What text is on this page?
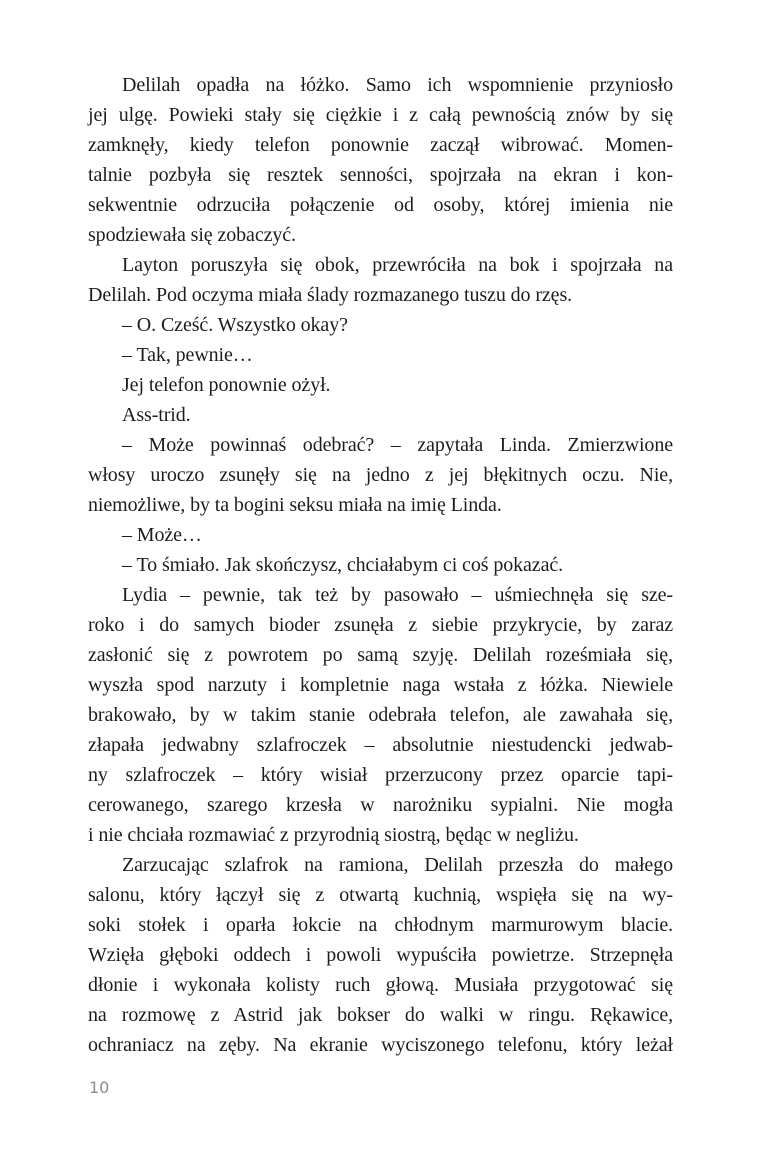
Delilah opadła na łóżko. Samo ich wspomnienie przyniosło
jej ulgę. Powieki stały się ciężkie i z całą pewnością znów by się
zamknęły, kiedy telefon ponownie zaczął wibrować. Momen-
talnie pozbyła się resztek senności, spojrzała na ekran i kon-
sekwentnie odrzuciła połączenie od osoby, której imienia nie
spodziewała się zobaczyć.
Layton poruszyła się obok, przewróciła na bok i spojrzała na
Delilah. Pod oczyma miała ślady rozmazanego tuszu do rzęs.
– O. Cześć. Wszystko okay?
– Tak, pewnie…
Jej telefon ponownie ożył.
Ass-trid.
– Może powinnaś odebrać? – zapytała Linda. Zmierzwione
włosy uroczo zsunęły się na jedno z jej błękitnych oczu. Nie,
niemożliwe, by ta bogini seksu miała na imię Linda.
– Może…
– To śmiało. Jak skończysz, chciałabym ci coś pokazać.
Lydia – pewnie, tak też by pasowało – uśmiechnęła się sze-
roko i do samych bioder zsunęła z siebie przykrycie, by zaraz
zasłonić się z powrotem po samą szyję. Delilah roześmiała się,
wyszła spod narzuty i kompletnie naga wstała z łóżka. Niewiele
brakowało, by w takim stanie odebrała telefon, ale zawahała się,
złapała jedwabny szlafroczek – absolutnie niestudencki jedwab-
ny szlafroczek – który wisiał przerzucony przez oparcie tapi-
cerowanego, szarego krzesła w narożniku sypialni. Nie mogła
i nie chciała rozmawiać z przyrodnią siostrą, będąc w negliżu.
Zarzucając szlafrok na ramiona, Delilah przeszła do małego
salonu, który łączył się z otwartą kuchnią, wspięła się na wy-
soki stołek i oparła łokcie na chłodnym marmurowym blacie.
Wzięła głęboki oddech i powoli wypuściła powietrze. Strzepnęła
dłonie i wykonała kolisty ruch głową. Musiała przygotować się
na rozmowę z Astrid jak bokser do walki w ringu. Rękawice,
ochraniacz na zęby. Na ekranie wyciszonego telefonu, który leżał
10
